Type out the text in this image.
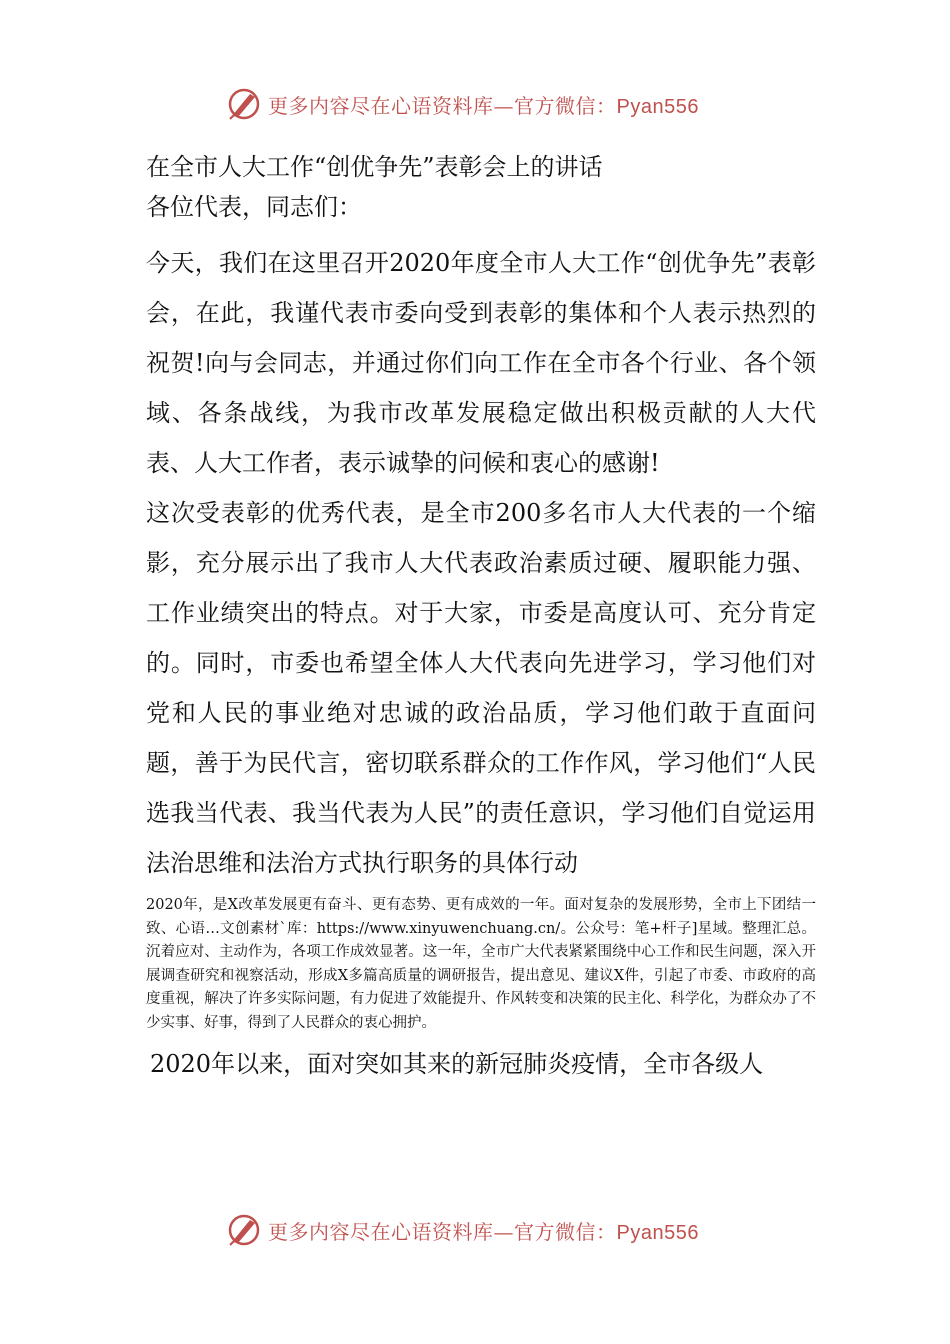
更多内容尽在心语资料库—官方微信：Pyan556

在全市人大工作“创优争先”表彰会上的讲话

各位代表，同志们：

今天，我们在这里召开2020年度全市人大工作“创优争先”表彰会，在此，我谨代表市委向受到表彰的集体和个人表示热烈的祝贺!向与会同志，并通过你们向工作在全市各个行业、各个领域、各条战线，为我市改革发展稳定做出积极贡献的人大代表、人大工作者，表示诚挚的问候和衷心的感谢!

这次受表彰的优秀代表，是全市200多名市人大代表的一个缩影，充分展示出了我市人大代表政治素质过硬、履职能力强、工作业绩突出的特点。对于大家，市委是高度认可、充分肯定的。同时，市委也希望全体人大代表向先进学习，学习他们对党和人民的事业绝对忠诚的政治品质，学习他们敢于直面问题，善于为民代言，密切联系群众的工作作风，学习他们“人民选我当代表、我当代表为人民”的责任意识，学习他们自觉运用法治思维和法治方式执行职务的具体行动

2020年，是X改革发展更有奋斗、更有态势、更有成效的一年。面对复杂的发展形势，全市上下团结一致、心语…文创素材`库：https://www.xinyuwenchuang.cn/。公众号：笔+杆子]星域。整理汇总。沉着应对、主动作为，各项工作成效显著。这一年，全市广大代表紧紧围绕中心工作和民生问题，深入开展调查研究和视察活动，形成X多篇高质量的调研报告，提出意见、建议X件，引起了市委、市政府的高度重视，解决了许多实际问题，有力促进了效能提升、作风转变和决策的民主化、科学化，为群众办了不少实事、好事，得到了人民群众的衷心拥护。

2020年以来，面对突如其来的新冠肺炎疫情，全市各级人

更多内容尽在心语资料库—官方微信：Pyan556
